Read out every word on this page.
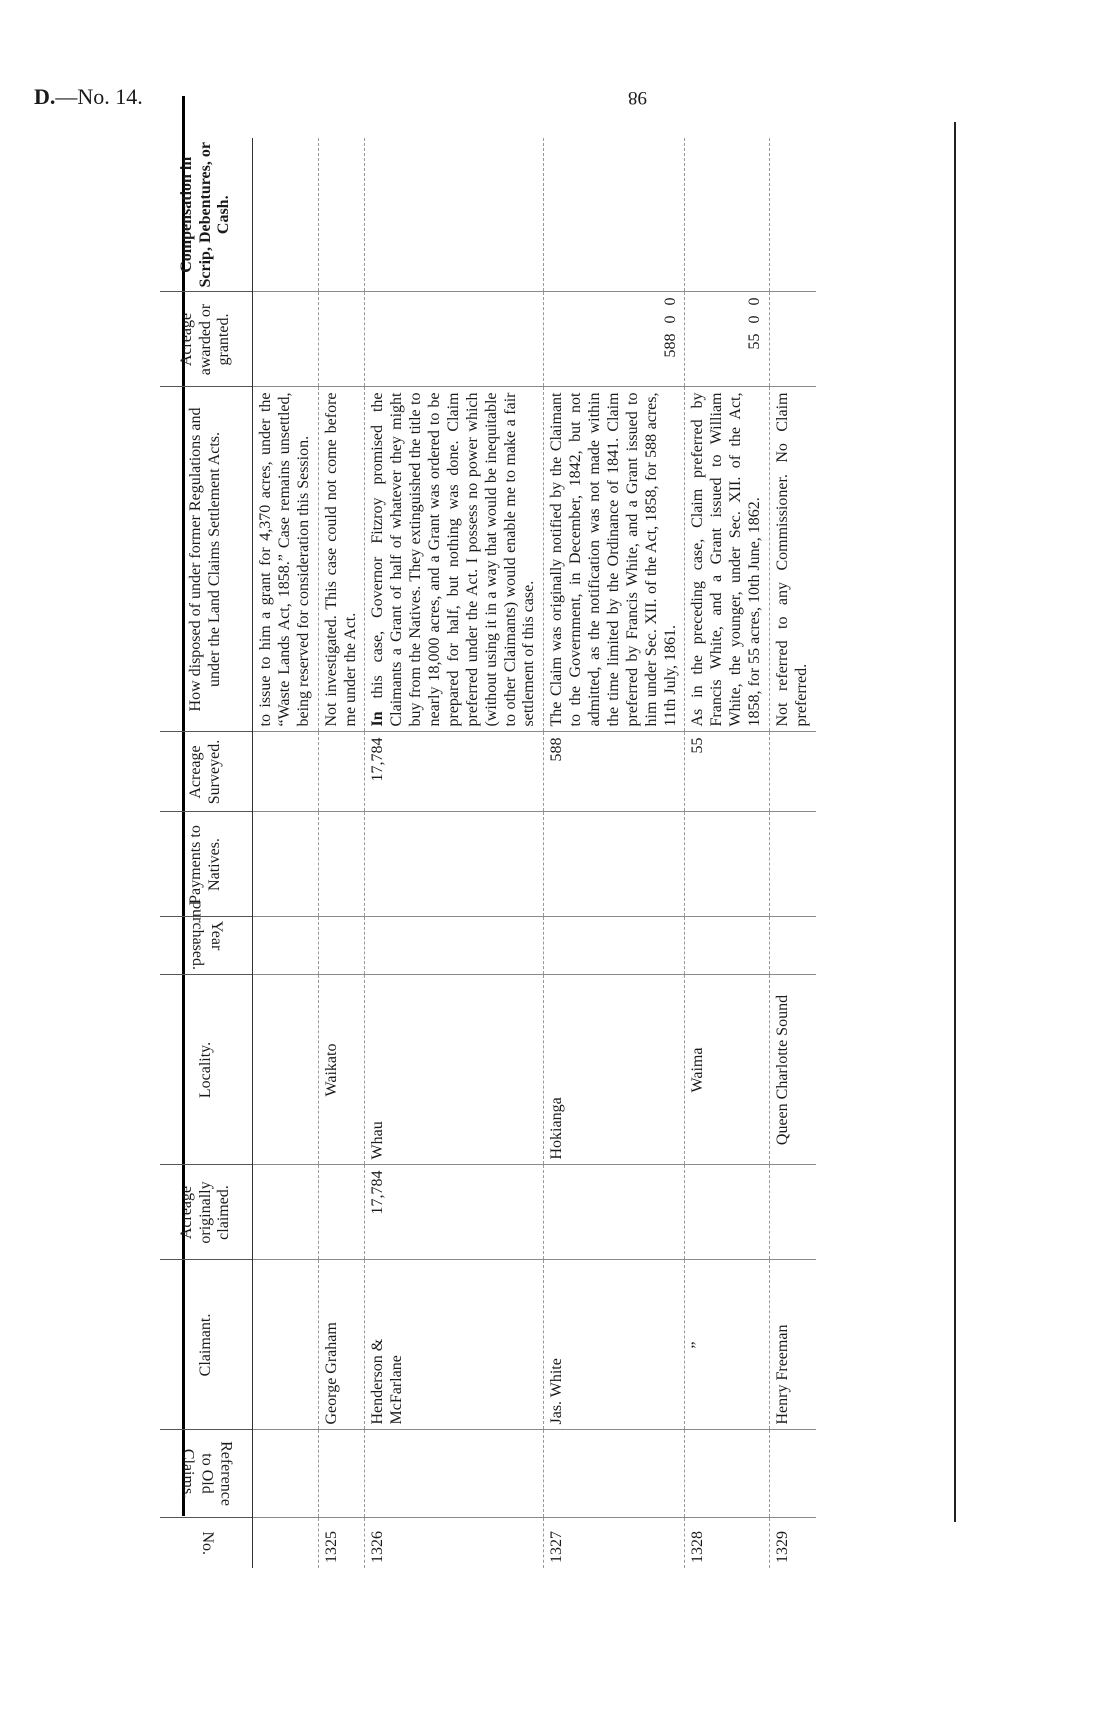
D.—No. 14.	98
No.	Reference to Old Claims.	Claimant.	Acreage originally claimed.	Locality.	Year purchased.	Payments to Natives.	Acreage Surveyed.	How disposed of under former Regulations and under the Land Claims Settlement Acts.	Acreage awarded or granted.	Compensation in Scrip, Debentures, or Cash.
								to issue to him a grant for 4,370 acres, under the “Waste Lands Act, 1858.” Case remains unsettled, being reserved for consideration this Session.		
1325		George Graham		Waikato				Not investigated. This case could not come before me under the Act.		
1326		Henderson & McFarlane	17,784	Whau			17,784	In this case, Governor Fitzroy promised the Claimants a Grant of half of whatever they might buy from the Natives. They extinguished the title to nearly 18,000 acres, and a Grant was ordered to be prepared for half, but nothing was done. Claim preferred under the Act. I possess no power which (without using it in a way that would be inequitable to other Claimants) would enable me to make a fair settlement of this case.		
1327		Jas. White		Hokianga			588	The Claim was originally notified by the Claimant to the Government, in December, 1842, but not admitted, as the notification was not made within the time limited by the Ordinance of 1841. Claim preferred by Francis White, and a Grant issued to him under Sec. XII. of the Act, 1858, for 588 acres, 11th July, 1861.	58800	
1328		”		Waima			55	As in the preceding case, Claim preferred by Francis White, and a Grant issued to William White, the younger, under Sec. XII. of the Act, 1858, for 55 acres, 10th June, 1862.	5500	
1329		Henry Freeman		Queen Charlotte Sound				Not referred to any Commissioner. No Claim preferred.		
